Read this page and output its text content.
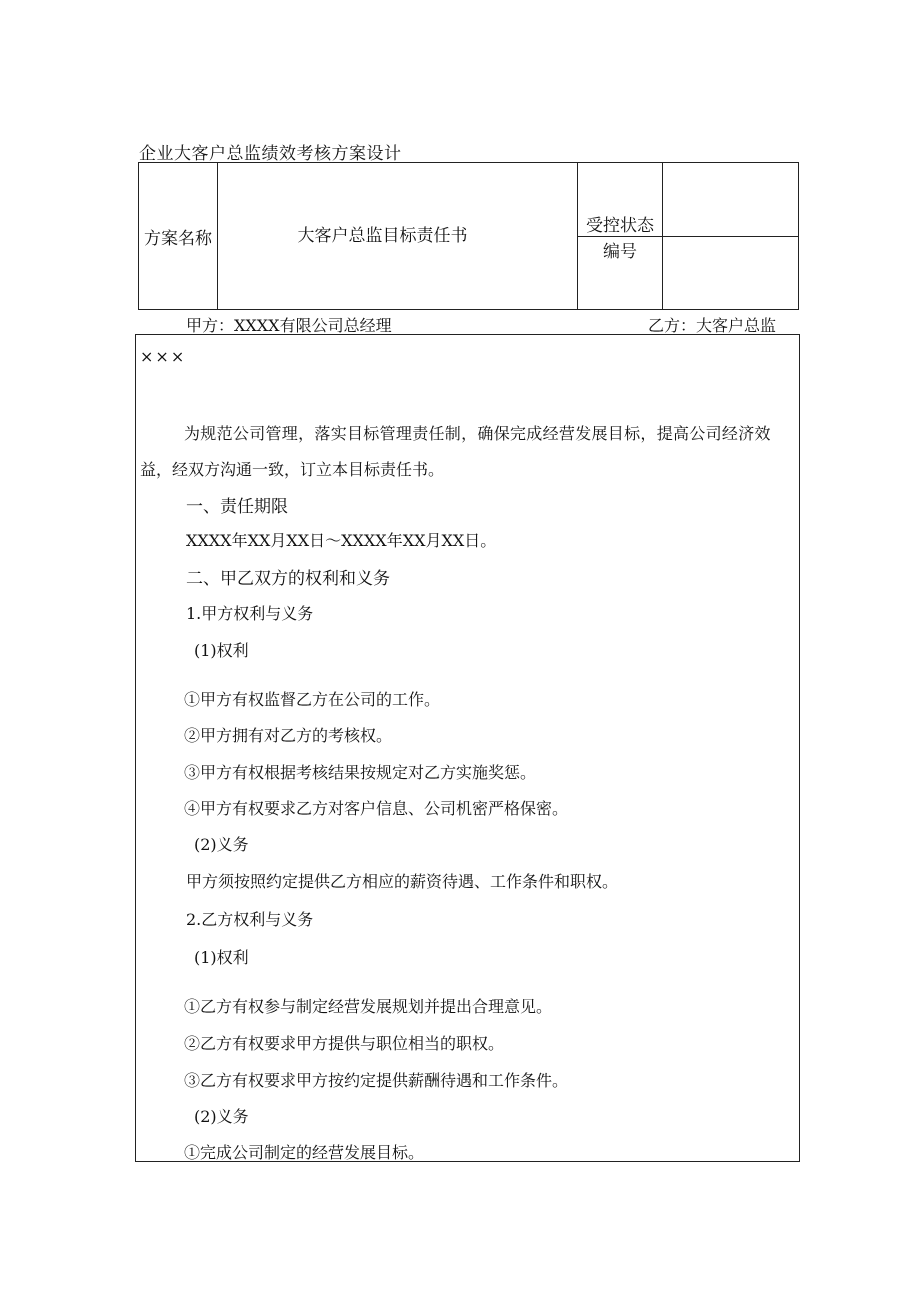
企业大客户总监绩效考核方案设计
方案名称	大客户总监目标责任书	受控状态	
		编号	
甲方：XXXX有限公司总经理	乙方：大客户总监
×××
为规范公司管理，落实目标管理责任制，确保完成经营发展目标，提高公司经济效
益，经双方沟通一致，订立本目标责任书。
一、责任期限
XXXX年XX月XX日～XXXX年XX月XX日。
二、甲乙双方的权利和义务
1.甲方权利与义务
(1)权利
①甲方有权监督乙方在公司的工作。
②甲方拥有对乙方的考核权。
③甲方有权根据考核结果按规定对乙方实施奖惩。
④甲方有权要求乙方对客户信息、公司机密严格保密。
(2)义务
甲方须按照约定提供乙方相应的薪资待遇、工作条件和职权。
2.乙方权利与义务
(1)权利
①乙方有权参与制定经营发展规划并提出合理意见。
②乙方有权要求甲方提供与职位相当的职权。
③乙方有权要求甲方按约定提供薪酬待遇和工作条件。
(2)义务
①完成公司制定的经营发展目标。
